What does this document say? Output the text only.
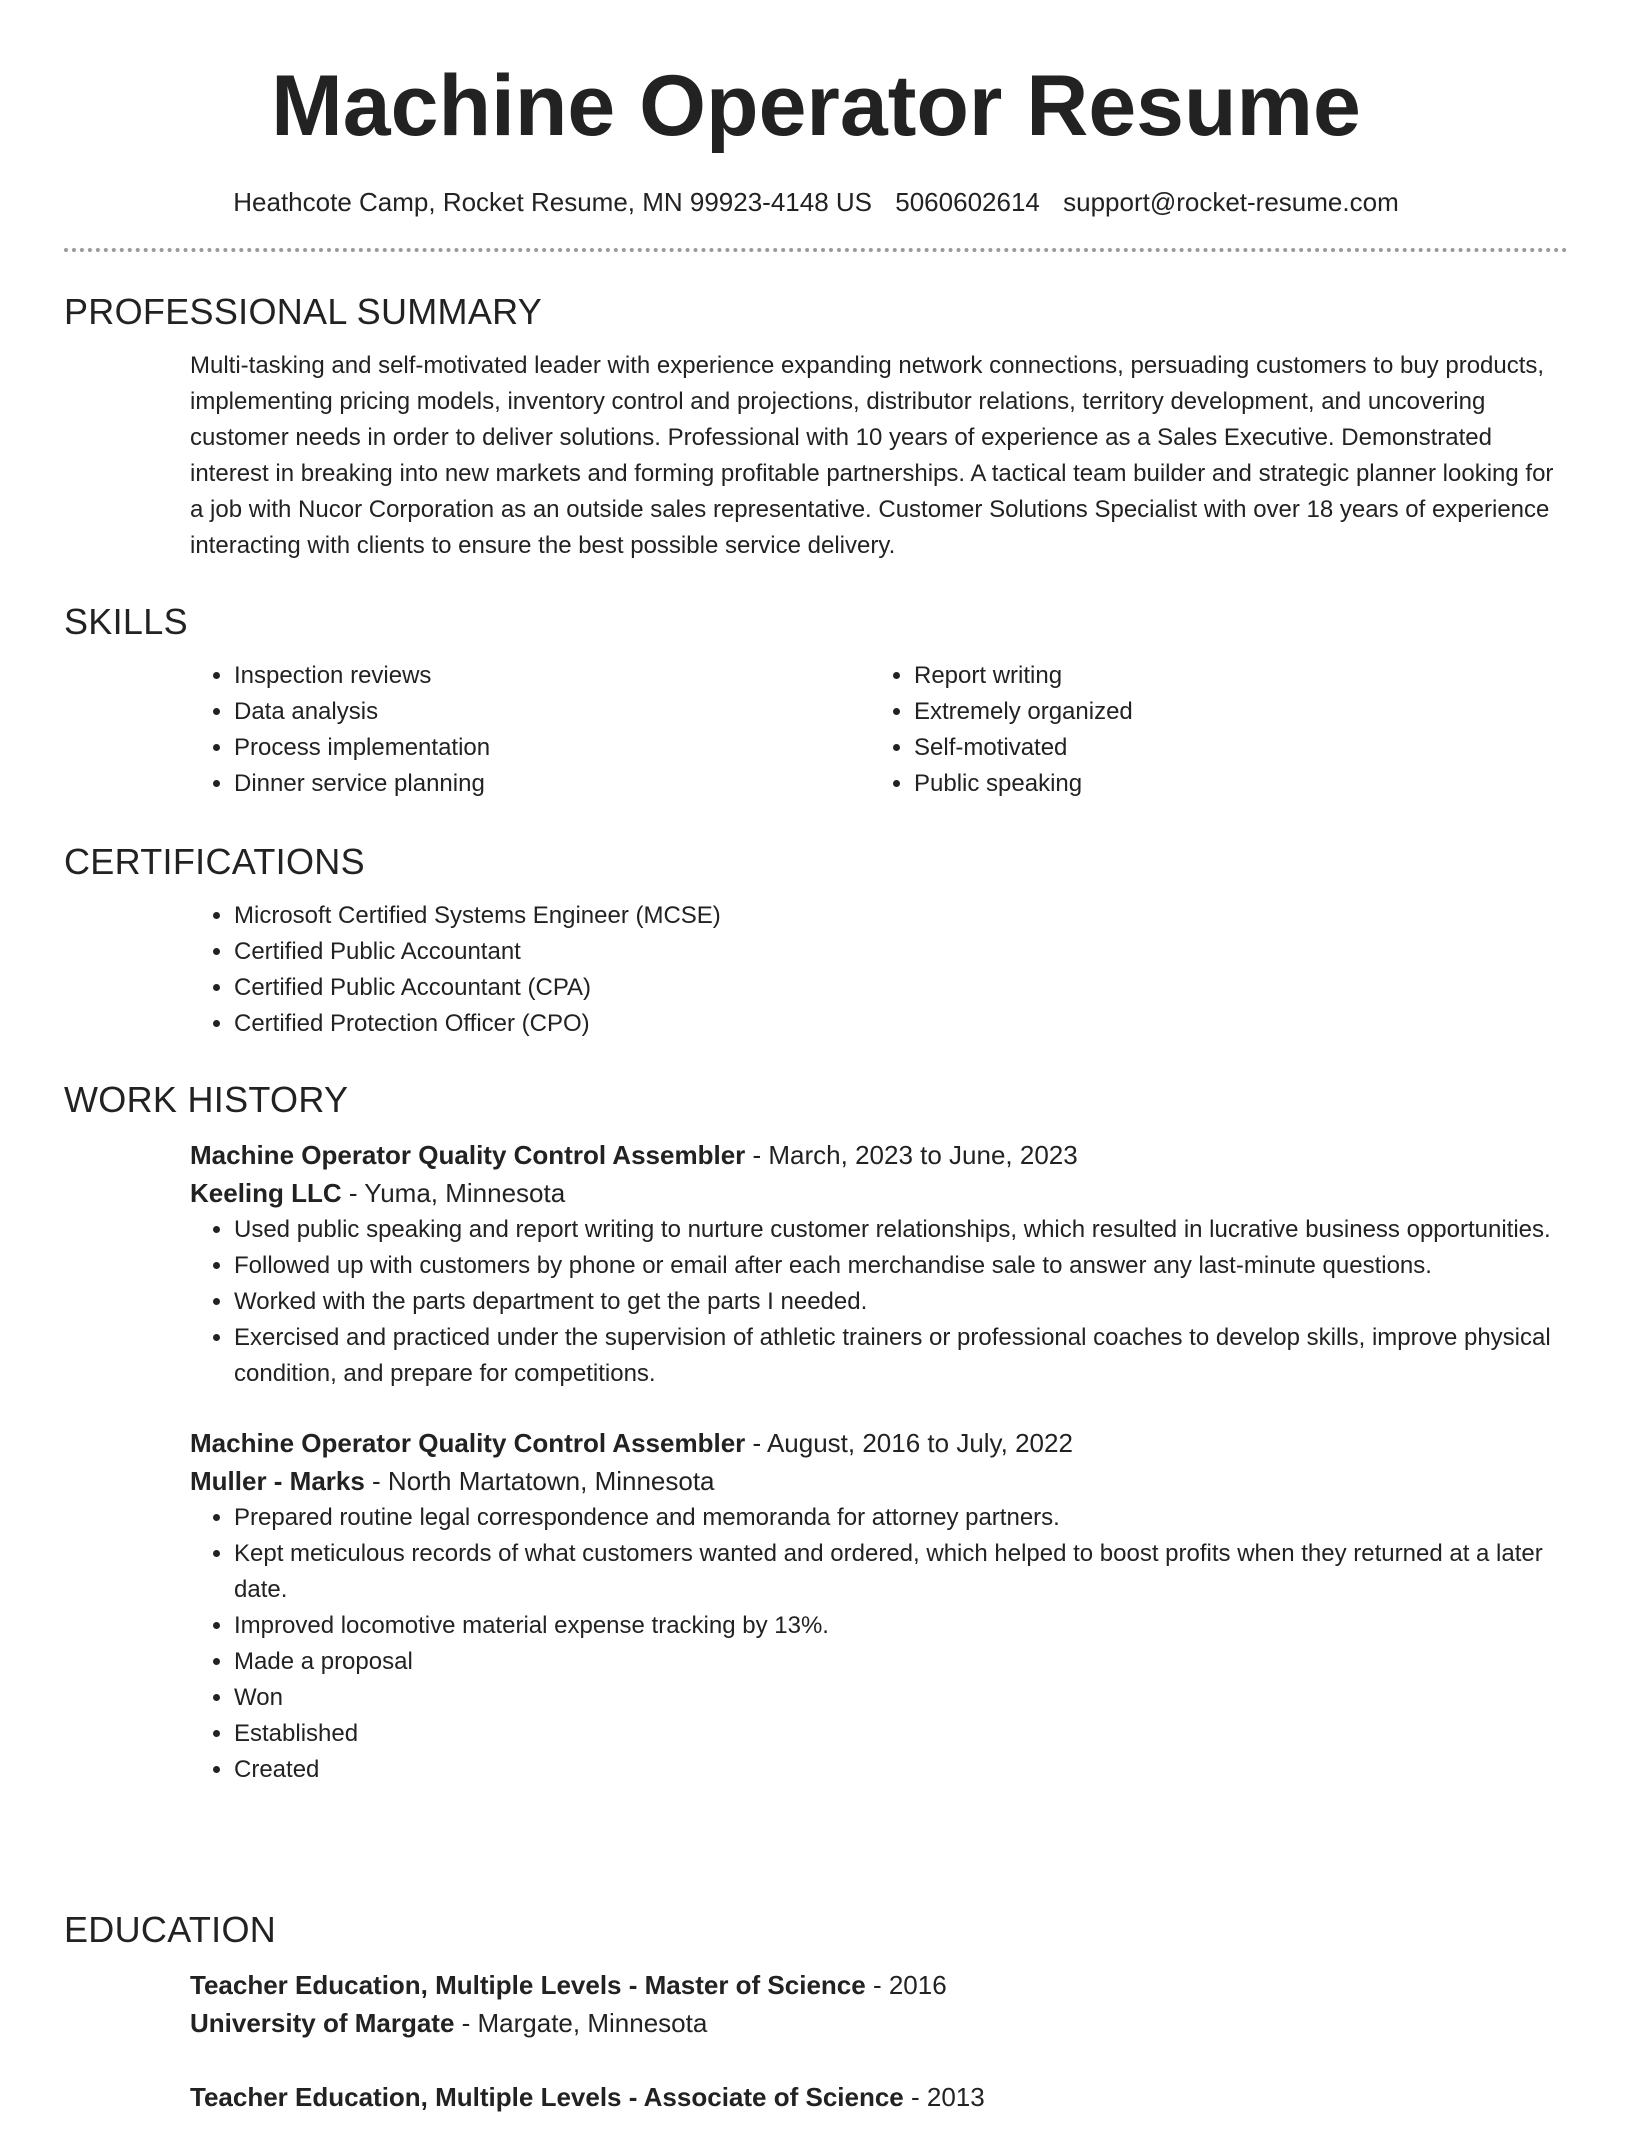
Machine Operator Resume
Heathcote Camp, Rocket Resume, MN 99923-4148 US 5060602614 support@rocket-resume.com
PROFESSIONAL SUMMARY

Multi-tasking and self-motivated leader with experience expanding network connections, persuading customers to buy products, implementing pricing models, inventory control and projections, distributor relations, territory development, and uncovering customer needs in order to deliver solutions. Professional with 10 years of experience as a Sales Executive. Demonstrated interest in breaking into new markets and forming profitable partnerships. A tactical team builder and strategic planner looking for a job with Nucor Corporation as an outside sales representative. Customer Solutions Specialist with over 18 years of experience interacting with clients to ensure the best possible service delivery.

SKILLS
• Inspection reviews
• Data analysis
• Process implementation
• Dinner service planning
• Report writing
• Extremely organized
• Self-motivated
• Public speaking
CERTIFICATIONS
• Microsoft Certified Systems Engineer (MCSE)
• Certified Public Accountant
• Certified Public Accountant (CPA)
• Certified Protection Officer (CPO)
WORK HISTORY
Machine Operator Quality Control Assembler - March, 2023 to June, 2023
Keeling LLC - Yuma, Minnesota
• Used public speaking and report writing to nurture customer relationships, which resulted in lucrative business opportunities.
• Followed up with customers by phone or email after each merchandise sale to answer any last-minute questions.
• Worked with the parts department to get the parts I needed.
• Exercised and practiced under the supervision of athletic trainers or professional coaches to develop skills, improve physical condition, and prepare for competitions.
Machine Operator Quality Control Assembler - August, 2016 to July, 2022
Muller - Marks - North Martatown, Minnesota
• Prepared routine legal correspondence and memoranda for attorney partners.
• Kept meticulous records of what customers wanted and ordered, which helped to boost profits when they returned at a later date.
• Improved locomotive material expense tracking by 13%.
• Made a proposal
• Won
• Established
• Created
EDUCATION
Teacher Education, Multiple Levels - Master of Science - 2016
University of Margate - Margate, Minnesota
Teacher Education, Multiple Levels - Associate of Science - 2013
